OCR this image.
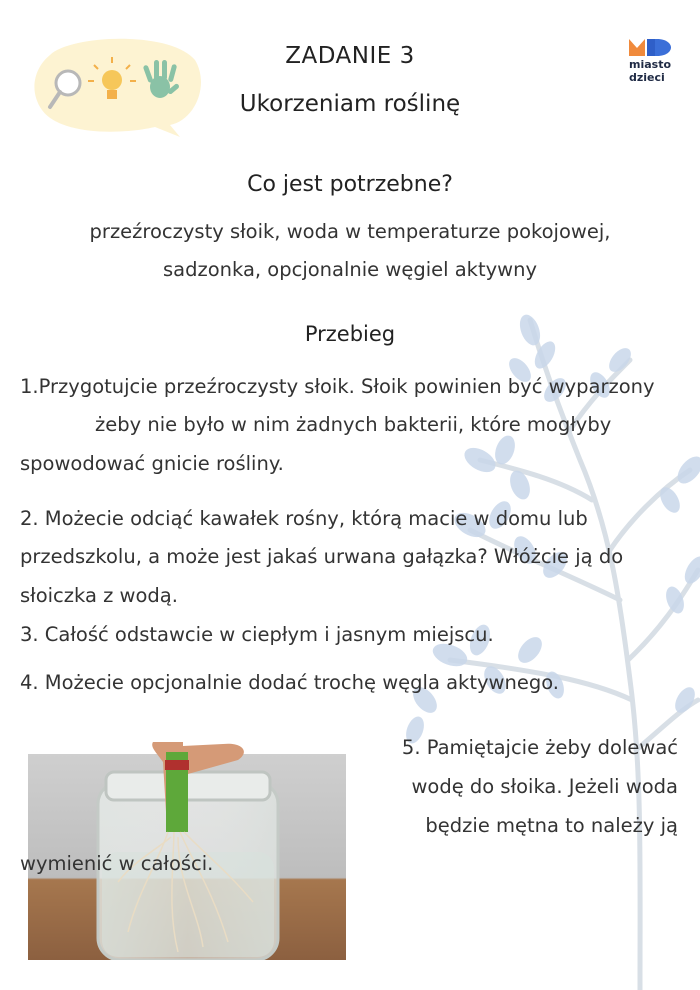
miasto
dzieci
ZADANIE 3
Ukorzeniam roślinę
Co jest potrzebne?
przeźroczysty słoik, woda w temperaturze pokojowej,
sadzonka, opcjonalnie węgiel aktywny
Przebieg
1.Przygotujcie przeźroczysty słoik. Słoik powinien być wyparzony
żeby nie było w nim żadnych bakterii, które mogłyby
spowodować gnicie rośliny.
2. Możecie odciąć kawałek rośny, którą macie w domu lub
przedszkolu, a może jest jakaś urwana gałązka? Włóżcie ją do
słoiczka z wodą.
3. Całość odstawcie w ciepłym i jasnym miejscu.
4. Możecie opcjonalnie dodać trochę węgla aktywnego.
5. Pamiętajcie żeby dolewać
wodę do słoika. Jeżeli woda
będzie mętna to należy ją
wymienić w całości.
